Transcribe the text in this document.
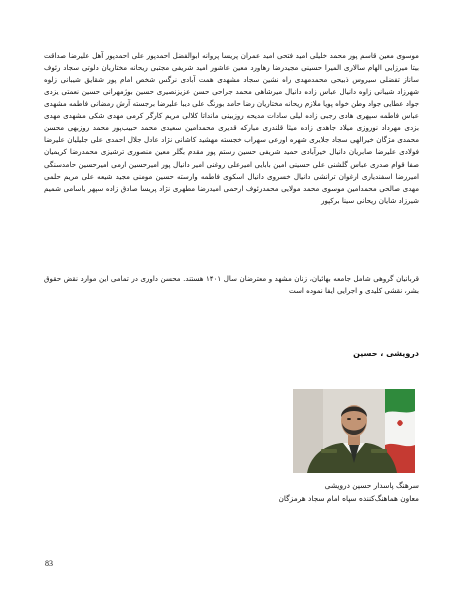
موسوی معین قاسم پور محمد خلیلی امید فتحی امید عمران پریسا پروانه ابوالفضل احمدپور علی احمدپور آهل علیرضا صداقت بیتا میرزایی الهام سالاری المیرا حسینی مجیدرضا رهاورد معین عاشور امید شریفی مجتبی ریحانه مختاریان دلوتی سجاد رئوف ساناز تفضلی سیروس ذبیحی محمدمهدی راه نشین سجاد مشهدی همت آبادی نرگس شخص امام پور شقایق شیبانی زلوه شهرزاد شیبانی زاوه دانیال عباس زاده دانیال میرشاهی محمد جراحی حسن عزیزنصیری حسین بوژمهرانی حسین نعمتی یزدی جواد عطایی جواد وطن خواه پویا ملازم ریحانه مختاریان رضا حامد بورنگ علی دیبا علیرضا برجسته آرش رمضانی فاطمه مشهدی عباس فاطمه سپهری هادی رجبی زاده لیلی سادات مدیحه روزبینی مانداتا کلالی مریم کارگر کرمی مهدی شکی مشهدی مهدی بزدی مهرداد نوروزی میلاد جاهدی زاده میثا قلندری مبارکه قدیری محمدامین سعیدی محمد حبیب‌پور محمد روزبهی محسن محمدی مژگان خیرالهی سجاد جلایری شهره اورعی سهراب خجسته مهشید کاشانی نژاد عادل جلال احمدی علی جلیلیان علیرضا فولادی علیرضا صابریان دانیال خیرآبادی حمید شریفی حسین رستم پور مقدم بگلر معین منصوری ترشیزی محمدرضا کریمیان صفا قوام صدری عباس گلشنی علی حسینی امین بابایی امیرعلی روغنی امیر دانیال پور امیرحسین ارمی امیرحسین حامدسنگی امیررضا اسفندیاری ارغوان ترانشی دانیال خسروی دانیال اسکوی فاطمه وارسته حسین مومنی مجید شیعه علی مریم حلمی مهدی صالحی محمدامین موسوی محمد مولایی محمدرئوف ارحمی امیدرضا مطهری نژاد پریسا صادق زاده سپهر باسامی شمیم شیرزاد شایان ریحانی سینا برکپور

قربانیان گروهی شامل جامعه بهائیان، زنان مشهد و معترضان سال ۱۴۰۱ هستند. محسن داوری در تمامی این موارد نقض حقوق بشر، نقشی کلیدی و اجرایی ایفا نموده است

درویشی ، حسین
سرهنگ پاسدار حسین درویشی
معاون هماهنگ‌کننده سپاه امام سجاد هرمزگان
83
